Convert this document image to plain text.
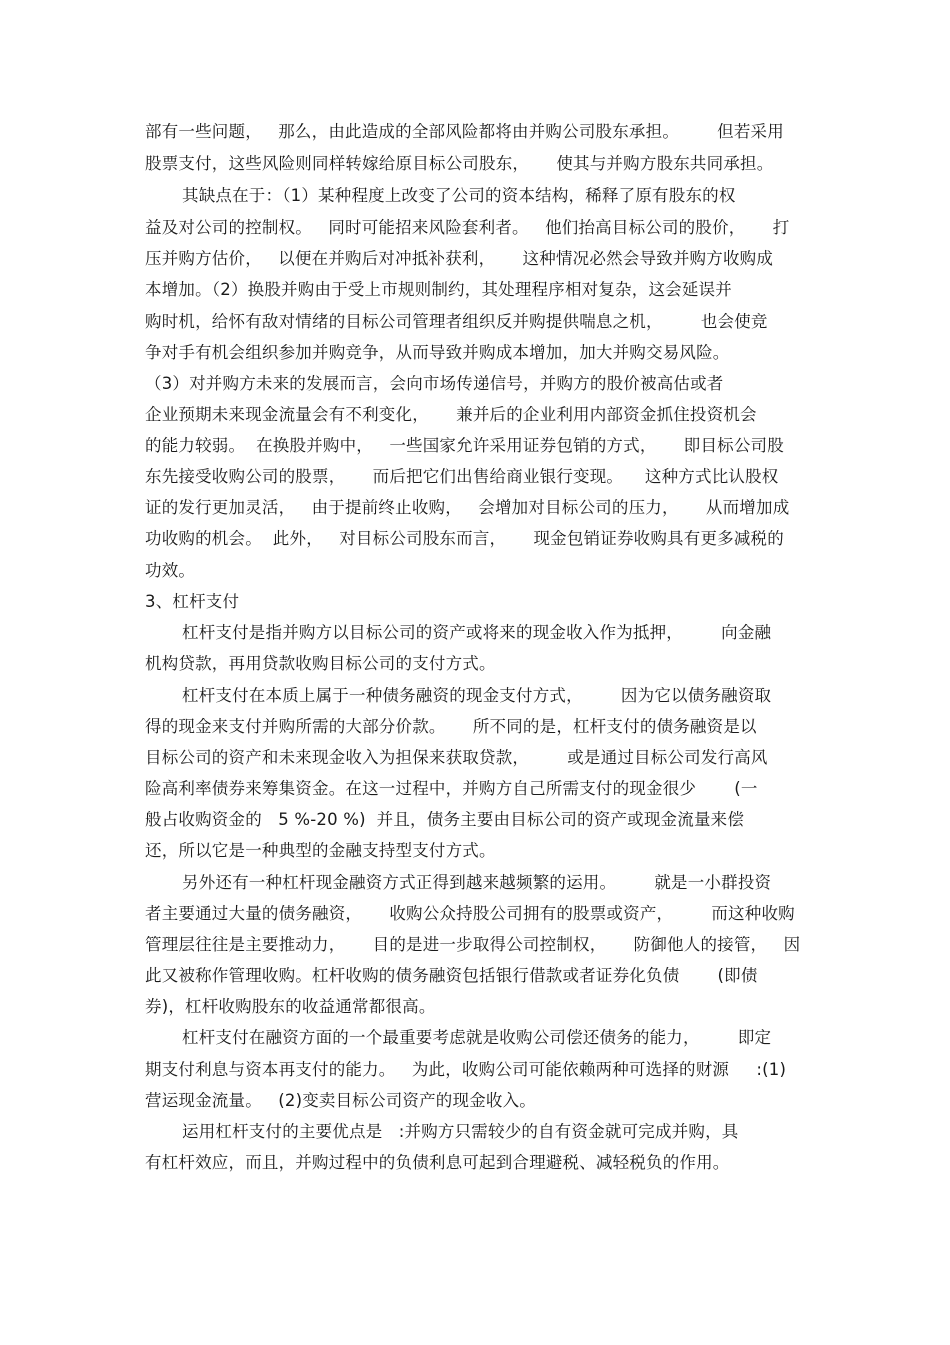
部有一些问题，   那么，由此造成的全部风险都将由并购公司股东承担。       但若采用
股票支付，这些风险则同样转嫁给原目标公司股东，     使其与并购方股东共同承担。
其缺点在于：（1）某种程度上改变了公司的资本结构，稀释了原有股东的权
益及对公司的控制权。   同时可能招来风险套利者。   他们抬高目标公司的股价，     打
压并购方估价，   以便在并购后对冲抵补获利，     这种情况必然会导致并购方收购成
本增加。（2）换股并购由于受上市规则制约，其处理程序相对复杂，这会延误并
购时机，给怀有敌对情绪的目标公司管理者组织反并购提供喘息之机，       也会使竞
争对手有机会组织参加并购竞争，从而导致并购成本增加，加大并购交易风险。
（3）对并购方未来的发展而言，会向市场传递信号，并购方的股价被高估或者
企业预期未来现金流量会有不利变化，     兼并后的企业利用内部资金抓住投资机会
的能力较弱。  在换股并购中，   一些国家允许采用证券包销的方式，     即目标公司股
东先接受收购公司的股票，     而后把它们出售给商业银行变现。    这种方式比认股权
证的发行更加灵活，   由于提前终止收购，   会增加对目标公司的压力，     从而增加成
功收购的机会。  此外，   对目标公司股东而言，     现金包销证券收购具有更多减税的
功效。
3、杠杆支付
杠杆支付是指并购方以目标公司的资产或将来的现金收入作为抵押，       向金融
机构贷款，再用贷款收购目标公司的支付方式。
杠杆支付在本质上属于一种债务融资的现金支付方式，       因为它以债务融资取
得的现金来支付并购所需的大部分价款。     所不同的是，杠杆支付的债务融资是以
目标公司的资产和未来现金收入为担保来获取贷款，       或是通过目标公司发行高风
险高利率债券来筹集资金。在这一过程中，并购方自己所需支付的现金很少       (一
般占收购资金的   5 %-20 %)  并且，债务主要由目标公司的资产或现金流量来偿
还，所以它是一种典型的金融支持型支付方式。
另外还有一种杠杆现金融资方式正得到越来越频繁的运用。       就是一小群投资
者主要通过大量的债务融资，     收购公众持股公司拥有的股票或资产，       而这种收购
管理层往往是主要推动力，     目的是进一步取得公司控制权，     防御他人的接管，   因
此又被称作管理收购。杠杆收购的债务融资包括银行借款或者证券化负债       (即债
券)，杠杆收购股东的收益通常都很高。
杠杆支付在融资方面的一个最重要考虑就是收购公司偿还债务的能力，       即定
期支付利息与资本再支付的能力。   为此，收购公司可能依赖两种可选择的财源     :(1)
营运现金流量。   (2)变卖目标公司资产的现金收入。
运用杠杆支付的主要优点是   :并购方只需较少的自有资金就可完成并购，具
有杠杆效应，而且，并购过程中的负债利息可起到合理避税、减轻税负的作用。
